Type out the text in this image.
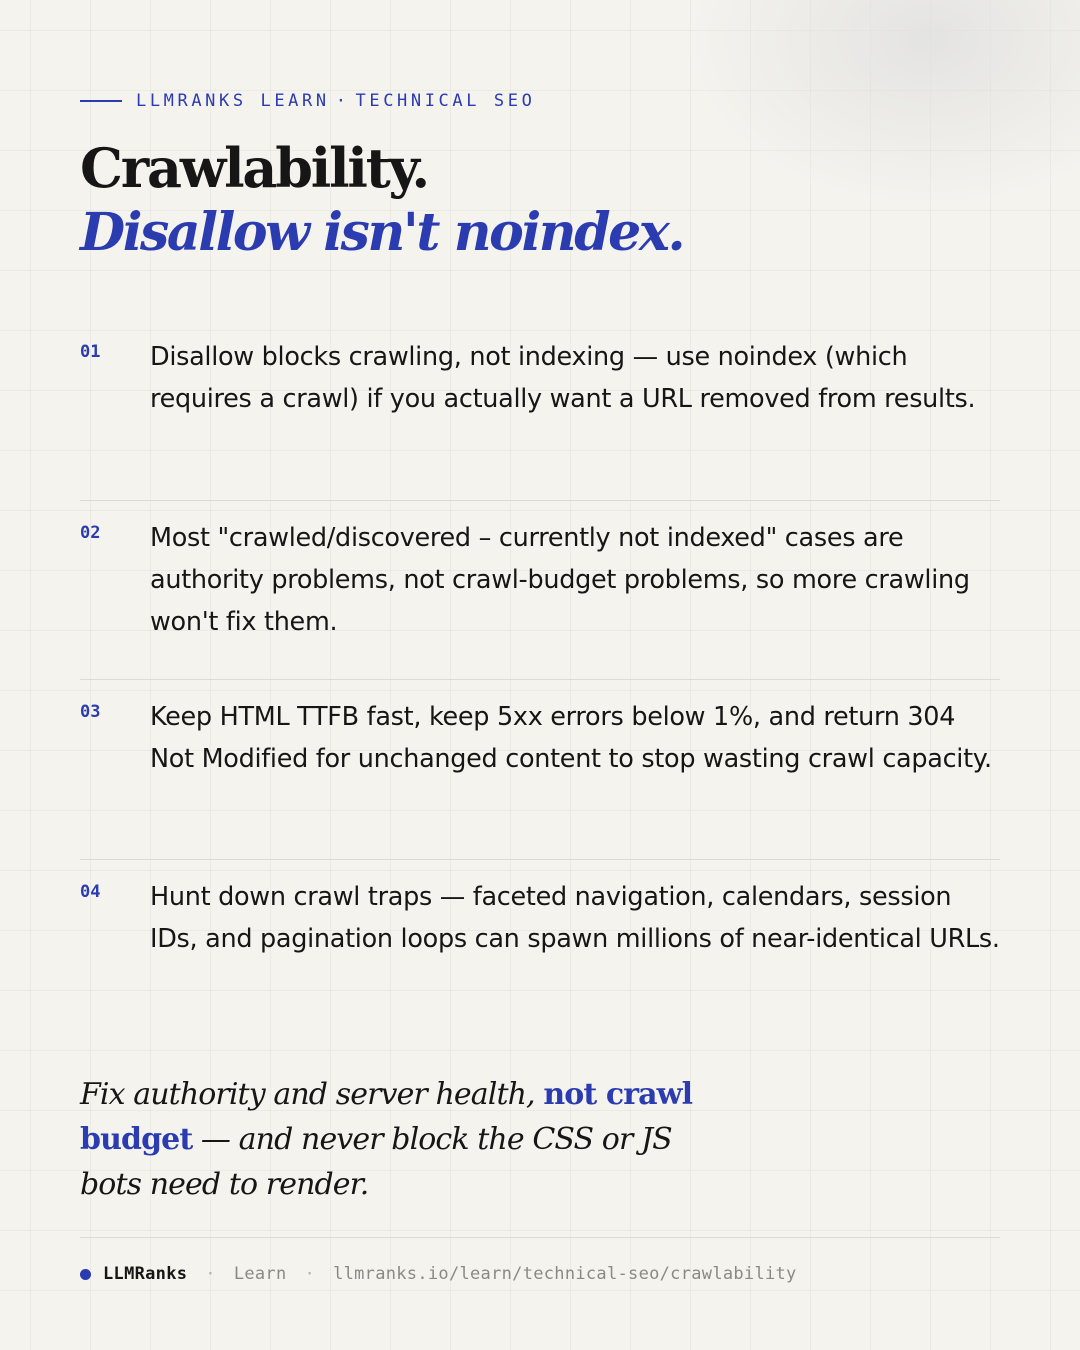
LLMRANKS LEARN · TECHNICAL SEO
Crawlability.
Disallow isn't noindex.
01	Disallow blocks crawling, not indexing — use noindex (which requires a crawl) if you actually want a URL removed from results.
02	Most "crawled/discovered – currently not indexed" cases are authority problems, not crawl-budget problems, so more crawling won't fix them.
03	Keep HTML TTFB fast, keep 5xx errors below 1%, and return 304 Not Modified for unchanged content to stop wasting crawl capacity.
04	Hunt down crawl traps — faceted navigation, calendars, session IDs, and pagination loops can spawn millions of near-identical URLs.

Fix authority and server health, not crawl budget — and never block the CSS or JS bots need to render.

LLMRanks · Learn · llmranks.io/learn/technical-seo/crawlability
